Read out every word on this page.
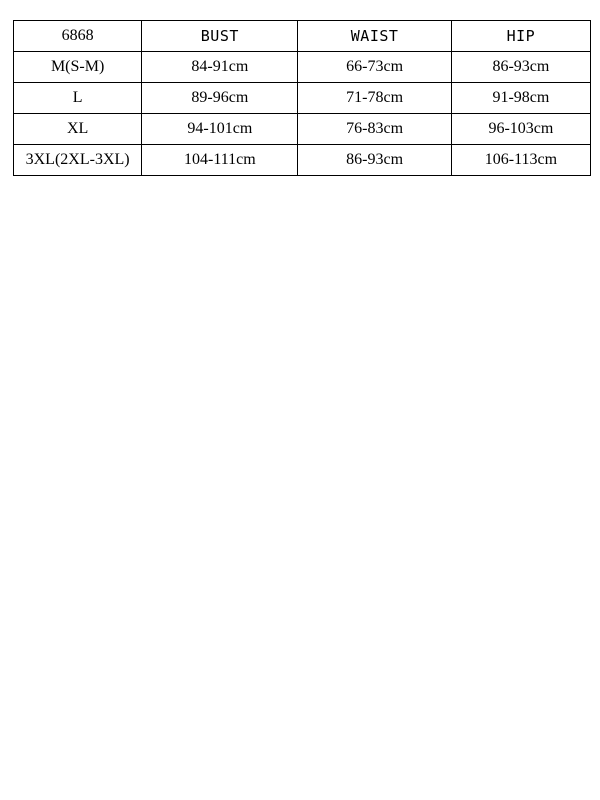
6868	BUST	WAIST	HIP
M(S-M)	84-91cm	66-73cm	86-93cm
L	89-96cm	71-78cm	91-98cm
XL	94-101cm	76-83cm	96-103cm
3XL(2XL-3XL)	104-111cm	86-93cm	106-113cm
